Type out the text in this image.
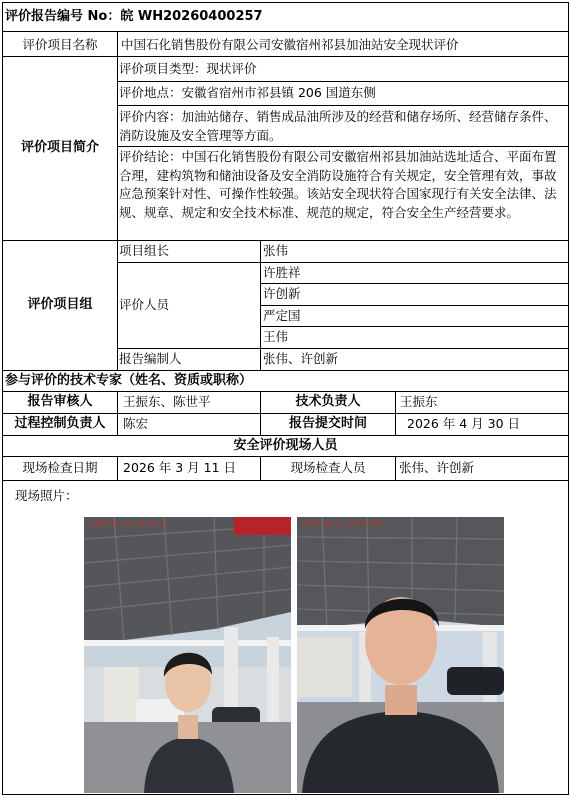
评价报告编号 No：皖 WH20260400257
评价项目名称	中国石化销售股份有限公司安徽宿州祁县加油站安全现状评价
评价项目简介
评价项目类型：现状评价
评价地点：安徽省宿州市祁县镇 206 国道东侧
评价内容：加油站储存、销售成品油所涉及的经营和储存场所、经营储存条件、消防设施及安全管理等方面。
评价结论：中国石化销售股份有限公司安徽宿州祁县加油站选址适合、平面布置合理，建构筑物和储油设备及安全消防设施符合有关规定，安全管理有效，事故应急预案针对性、可操作性较强。该站安全现状符合国家现行有关安全法律、法规、规章、规定和安全技术标准、规范的规定，符合安全生产经营要求。
评价项目组
项目组长	张伟
评价人员
许胜祥
许创新
严定国
王伟
报告编制人	张伟、许创新
参与评价的技术专家（姓名、资质或职称）
报告审核人	王振东、陈世平	技术负责人	王振东
过程控制负责人	陈宏	报告提交时间	2026 年 4 月 30 日
安全评价现场人员
现场检查日期	2026 年 3 月 11 日	现场检查人员	张伟、许创新
现场照片：
2026-03-11 16:53:31	2026-03-11 16:54:08
